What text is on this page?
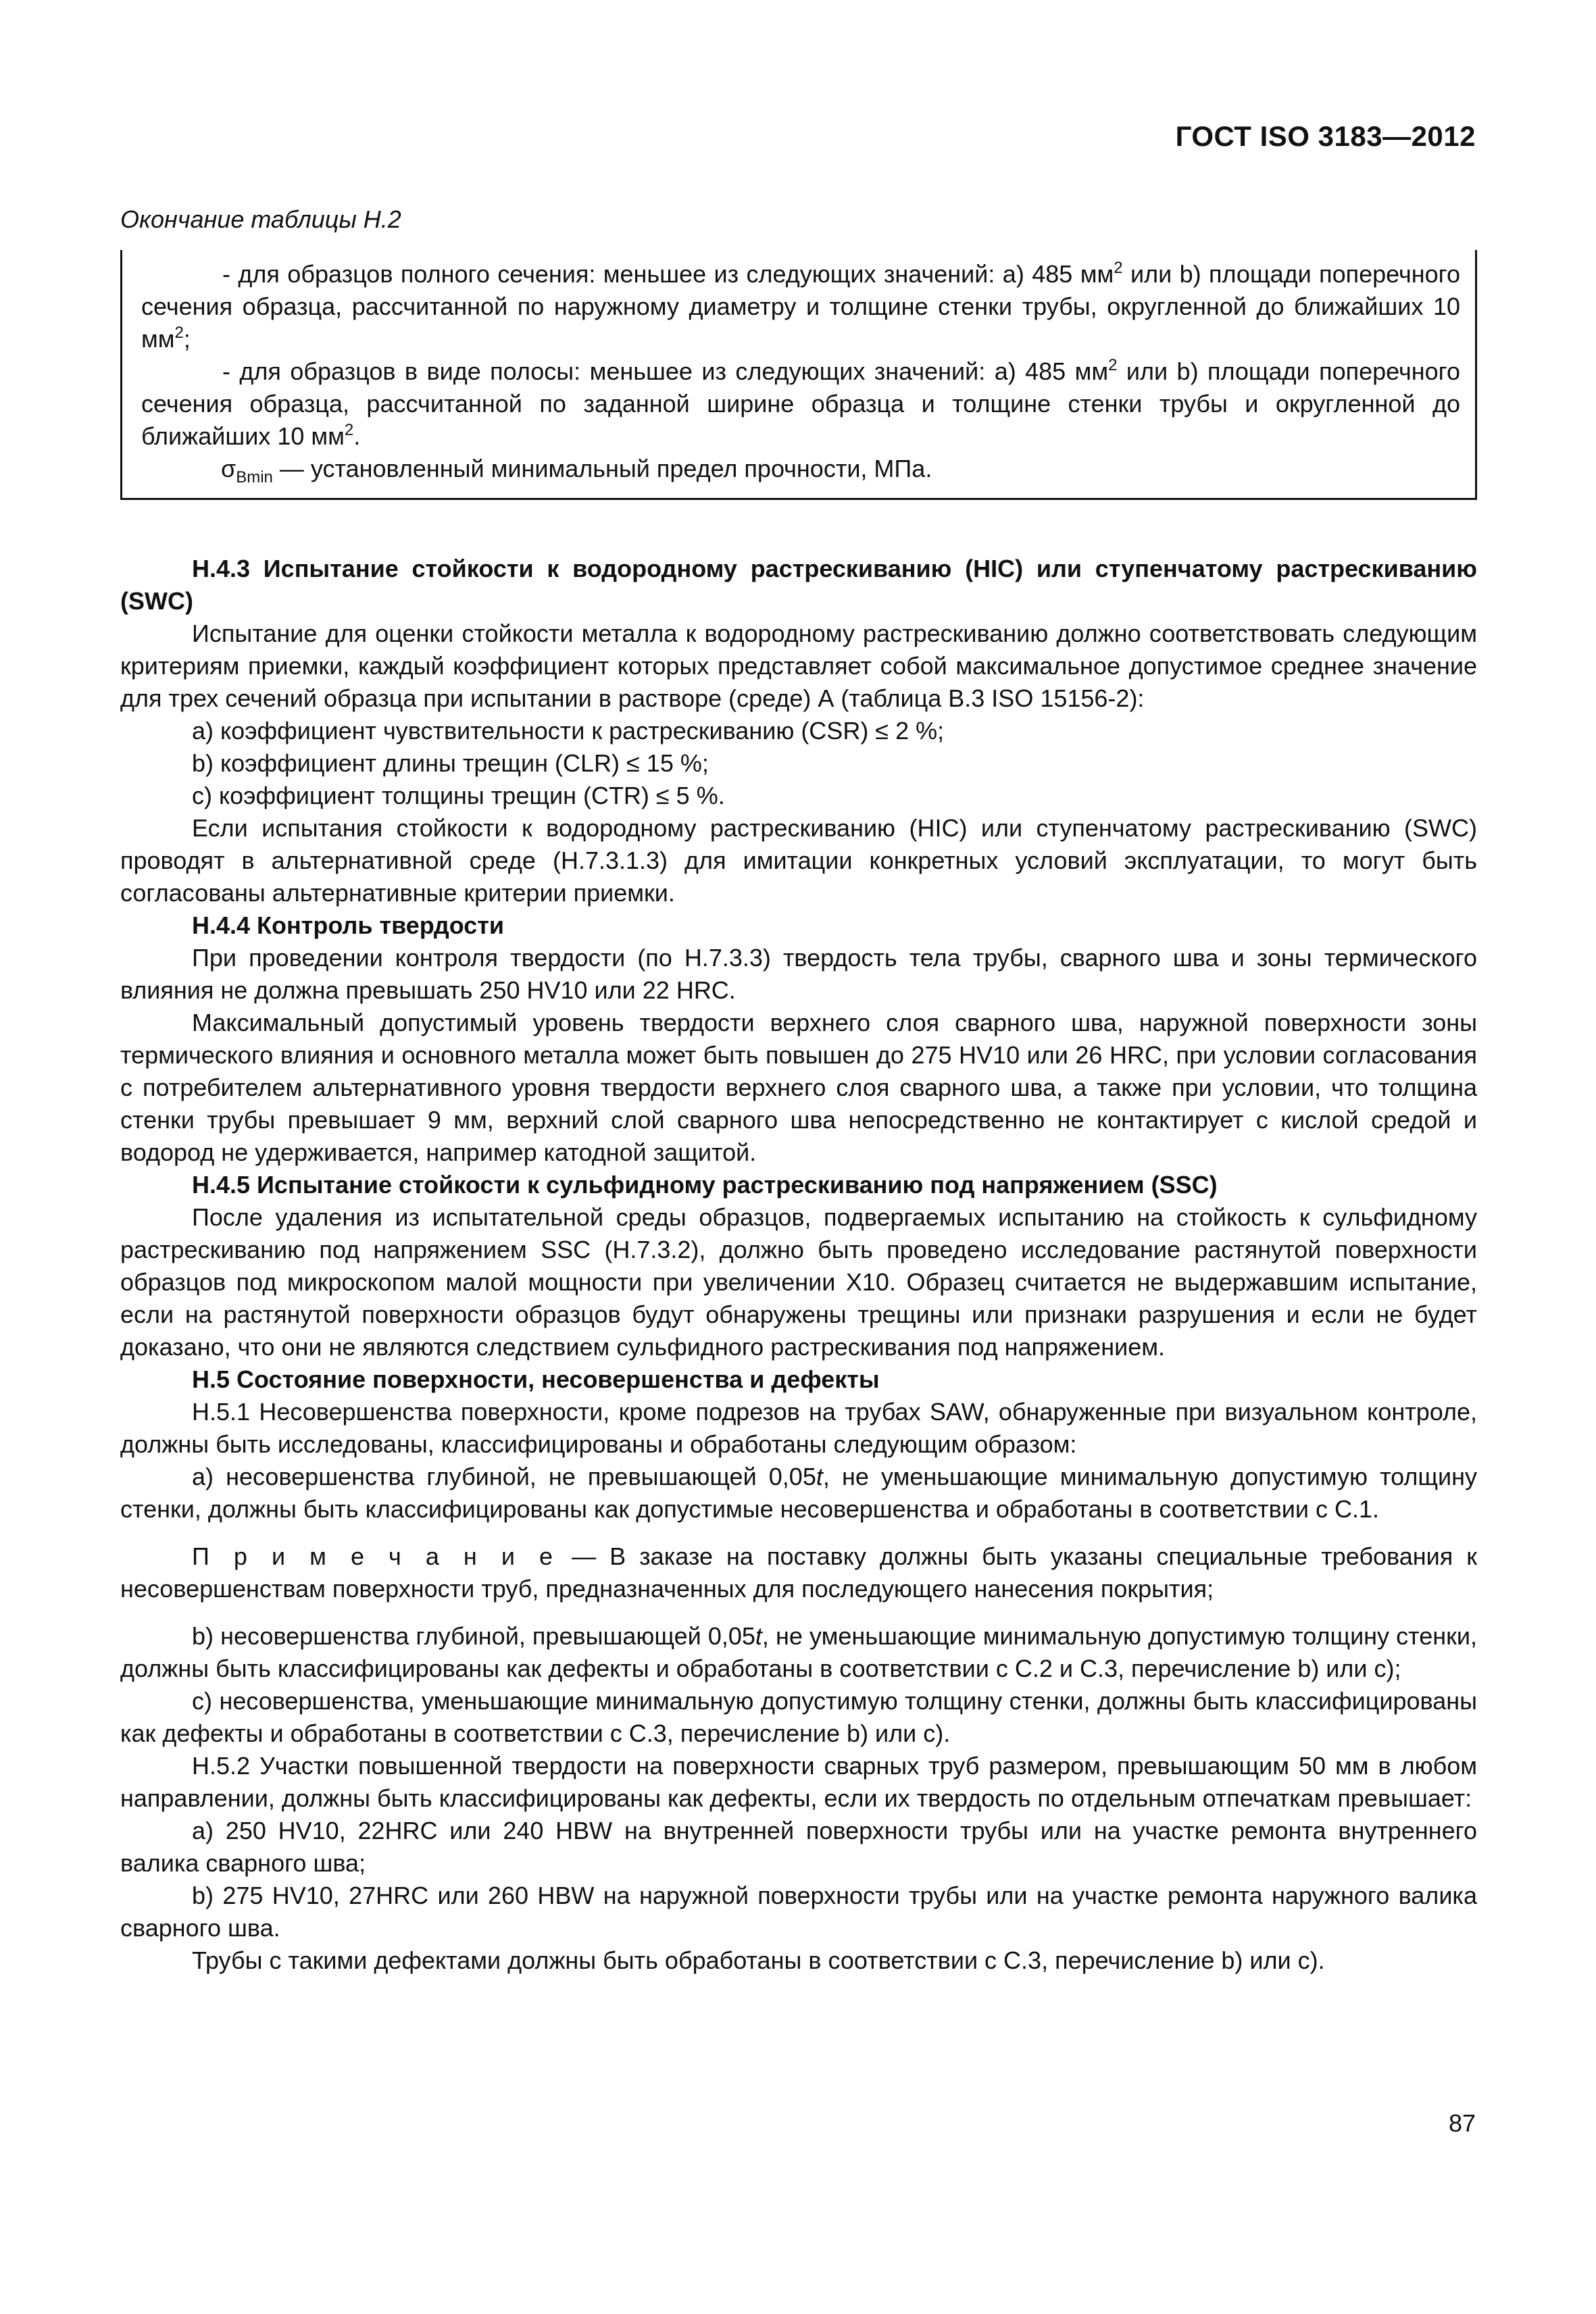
ГОСТ ISO 3183—2012
Окончание таблицы Н.2

- для образцов полного сечения: меньшее из следующих значений: а) 485 $мм^2$ или b) площади поперечного сечения образца, рассчитанной по наружному диаметру и толщине стенки трубы, округленной до ближайших 10 $мм^2$;

- для образцов в виде полосы: меньшее из следующих значений: а) 485 $мм^2$ или b) площади поперечного сечения образца, рассчитанной по заданной ширине образца и толщине стенки трубы и округленной до ближайших 10 $мм^2$.

$\sigma_{Bmin}$ — установленный минимальный предел прочности, МПа.

Н.4.3 Испытание стойкости к водородному растрескиванию (HIC) или ступенчатому растрескиванию (SWC)

Испытание для оценки стойкости металла к водородному растрескиванию должно соответствовать следующим критериям приемки, каждый коэффициент которых представляет собой максимальное допустимое среднее значение для трех сечений образца при испытании в растворе (среде) А (таблица В.3 ISO 15156-2):

а) коэффициент чувствительности к растрескиванию (CSR) ≤ 2 %;

b) коэффициент длины трещин (CLR) ≤ 15 %;

с) коэффициент толщины трещин (CTR) ≤ 5 %.

Если испытания стойкости к водородному растрескиванию (HIC) или ступенчатому растрескиванию (SWC) проводят в альтернативной среде (Н.7.3.1.3) для имитации конкретных условий эксплуатации, то могут быть согласованы альтернативные критерии приемки.

Н.4.4 Контроль твердости

При проведении контроля твердости (по Н.7.3.3) твердость тела трубы, сварного шва и зоны термического влияния не должна превышать 250 HV10 или 22 HRC.

Максимальный допустимый уровень твердости верхнего слоя сварного шва, наружной поверхности зоны термического влияния и основного металла может быть повышен до 275 HV10 или 26 HRC, при условии согласования с потребителем альтернативного уровня твердости верхнего слоя сварного шва, а также при условии, что толщина стенки трубы превышает 9 мм, верхний слой сварного шва непосредственно не контактирует с кислой средой и водород не удерживается, например катодной защитой.

Н.4.5 Испытание стойкости к сульфидному растрескиванию под напряжением (SSC)

После удаления из испытательной среды образцов, подвергаемых испытанию на стойкость к сульфидному растрескиванию под напряжением SSC (Н.7.3.2), должно быть проведено исследование растянутой поверхности образцов под микроскопом малой мощности при увеличении Х10. Образец считается не выдержавшим испытание, если на растянутой поверхности образцов будут обнаружены трещины или признаки разрушения и если не будет доказано, что они не являются следствием сульфидного растрескивания под напряжением.

Н.5 Состояние поверхности, несовершенства и дефекты

Н.5.1 Несовершенства поверхности, кроме подрезов на трубах SAW, обнаруженные при визуальном контроле, должны быть исследованы, классифицированы и обработаны следующим образом:

а) несовершенства глубиной, не превышающей 0,05t, не уменьшающие минимальную допустимую толщину стенки, должны быть классифицированы как допустимые несовершенства и обработаны в соответствии с С.1.

П р и м е ч а н и е — В заказе на поставку должны быть указаны специальные требования к несовершенствам поверхности труб, предназначенных для последующего нанесения покрытия;

b) несовершенства глубиной, превышающей 0,05t, не уменьшающие минимальную допустимую толщину стенки, должны быть классифицированы как дефекты и обработаны в соответствии с С.2 и С.3, перечисление b) или с);

с) несовершенства, уменьшающие минимальную допустимую толщину стенки, должны быть классифицированы как дефекты и обработаны в соответствии с С.3, перечисление b) или с).

Н.5.2 Участки повышенной твердости на поверхности сварных труб размером, превышающим 50 мм в любом направлении, должны быть классифицированы как дефекты, если их твердость по отдельным отпечаткам превышает:

а) 250 HV10, 22HRC или 240 HBW на внутренней поверхности трубы или на участке ремонта внутреннего валика сварного шва;

b) 275 HV10, 27HRC или 260 HBW на наружной поверхности трубы или на участке ремонта наружного валика сварного шва.

Трубы с такими дефектами должны быть обработаны в соответствии с С.3, перечисление b) или с).

87
